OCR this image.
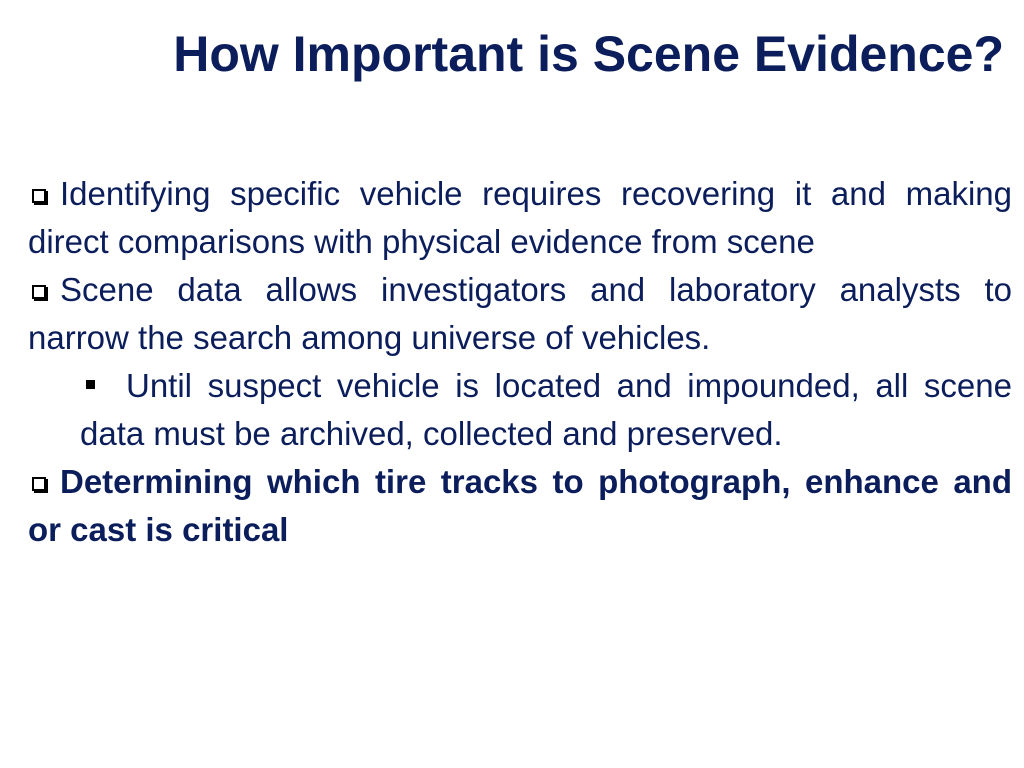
How Important is Scene Evidence?

Identifying specific vehicle requires recovering it and making direct comparisons with physical evidence from scene

Scene data allows investigators and laboratory analysts to narrow the search among universe of vehicles.

Until suspect vehicle is located and impounded, all scene data must be archived, collected and preserved.

Determining which tire tracks to photograph, enhance and or cast is critical
